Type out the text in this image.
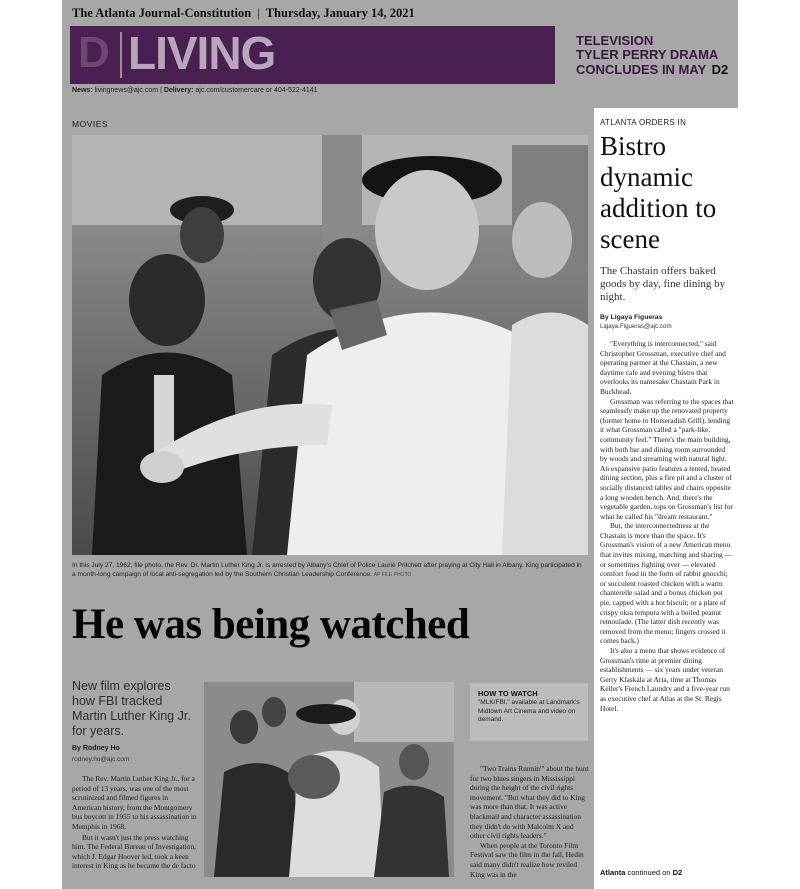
The Atlanta Journal-Constitution | Thursday, January 14, 2021
D LIVING	TELEVISION
TYLER PERRY DRAMA
CONCLUDES IN MAY D2
News: livingnews@ajc.com | Delivery: ajc.com/customercare or 404-522-4141
MOVIES
In this July 27, 1962, file photo, the Rev. Dr. Martin Luther King Jr. is arrested by Albany's Chief of Police Laurie Pritchett after praying at City Hall in Albany. King participated in a month-long campaign of local anti-segregation led by the Southern Christian Leadership Conference. AP FILE PHOTO
He was being watched
New film explores how FBI tracked Martin Luther King Jr. for years.
By Rodney Ho
rodney.ho@ajc.com

The Rev. Martin Luther King Jr., for a period of 13 years, was one of the most scrutinized and filmed figures in American history, from the Montgomery bus boycott in 1955 to his assassination in Memphis in 1968.

But it wasn't just the press watching him. The Federal Bureau of Investigation, which J. Edgar Hoover led, took a keen interest in King as he became the de facto

HOW TO WATCH
"MLK/FBI," available at Landmark's Midtown Art Cinema and video on demand.

"Two Trains Runnin'" about the hunt for two blues singers in Mississippi during the height of the civil rights movement. "But what they did to King was more than that. It was active blackmail and character assassination they didn't do with Malcolm X and other civil rights leaders."

When people at the Toronto Film Festival saw the film in the fall, Hedin said many didn't realize how reviled King was in the

ATLANTA ORDERS IN
Bistro dynamic addition to scene
The Chastain offers baked goods by day, fine dining by night.
By Ligaya Figueras
Ligaya.Figueras@ajc.com

"Everything is interconnected," said Christopher Grossman, executive chef and operating partner at the Chastain, a new daytime cafe and evening bistro that overlooks its namesake Chastain Park in Buckhead.

Grossman was referring to the spaces that seamlessly make up the renovated property (former home to Horseradish Grill), lending it what Grossman called a "park-like, community feel." There's the main building, with both bar and dining room surrounded by woods and streaming with natural light. An expansive patio features a tented, heated dining section, plus a fire pit and a cluster of socially distanced tables and chairs opposite a long wooden bench. And, there's the vegetable garden, tops on Grossman's list for what he called his "dream restaurant."

But, the interconnectedness at the Chastain is more than the space. It's Grossman's vision of a new American menu that invites mixing, matching and sharing — or sometimes fighting over — elevated comfort food in the form of rabbit gnocchi; or succulent roasted chicken with a warm chanterelle salad and a bonus chicken pot pie, capped with a hot biscuit; or a plate of crispy okra tempura with a boiled peanut remoulade. (The latter dish recently was removed from the menu; fingers crossed it comes back.)

It's also a menu that shows evidence of Grossman's time at premier dining establishments — six years under veteran Gerry Klaskala at Aria, time at Thomas Keller's French Laundry and a five-year run as executive chef at Atlas at the St. Regis Hotel.

Atlanta continued on D2
